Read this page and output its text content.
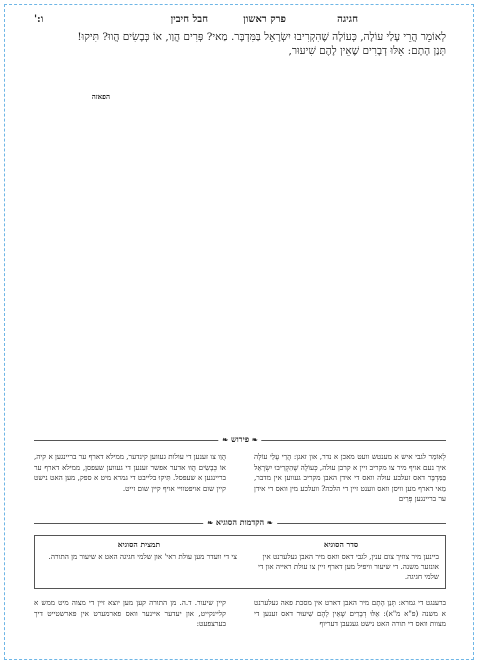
חבל חיבין	פרק ראשון	חגיגה
ו:'

לְאוֹמֵר הֲרֵי עָלַי עוֹלָה, כְּעוֹלָה שֶׁהִקְרִיבוּ יִשְׂרָאֵל בַּמִּדְבָּר. מַאי? פְּרִים הֲוַו, אוֹ כְּבָשִׂים הֲווּ? תִּיקוּ!

תְּנַן הָתָם: אֵלּוּ דְבָרִים שֶׁאֵין לָהֶם שִׁיעוּר,

הפאזה
❧ פירוש ❧

לְאוֹמֵר לגבי איש א מענטש וועט מאכן א נדר, און זאגן: הֲרֵי עָלַי עוֹלָה איך נעם אויף מיר צו מקריב זיין א קרבן עולה, כְּעוֹלָה שֶׁהִקְרִיבוּ יִשְׂרָאֵל בַּמִּדְבָּר דאס זעלבע עולה וואס די אידן האבן מקריב געווען אין מדבר, מַאי דארף מען וויסן וואס ווענט זיין די הלכה? וועלכע מין וואס די אידן ער בריינגען פְּרִים

הֲוַו צו זענען די עולות געווען קינדער, ממילא דארף ער בריינגען א קיה, אוֹ כְּבָשִׂים הֲווּ אדער אפשר זענען די געווען שעפסן, ממילא דארף ער בריינגען א שעפסל. תִּיקוּ בלייבט די גמרא מיט א ספק, מען האט נישט קיין שום אויפטוויי אויף קיין שום זייט.

❧ הקדמות הסוגיא ❧
סדר הסוגיא

ביינען מיר צוזיך צום ענין, לגבי דאס וואס מיר האבן געלערנט אין אונזער משנה. די שיעור וויפיל מען דארף זיין צו עולת ראייה און די שלמי חגיגה.

תמצית הסוגיא

צי די וועדר מען עולת ראי' און שלמי חגיגה האט א שיעור מן התורה.

ברענגט די גמרא: תְּנַן הָתָם מיר האבן דארט אין מסכת פאה געלערנט א משנה (פ"א מ"א): אֵלּוּ דְבָרִים שֶׁאֵין לָהֶם שִׁיעוּר דאס זענען די מצוות וואס די תורה האט נישט געגעבן דעריוף

קיין שיעור. ד.ה. מן התורה קען מען יוצא זיין די מצוה מיט ממש א קליינקייט, און יעדער איינער וואס פארמערט אין פארשטייט דיך בערצפעט:
